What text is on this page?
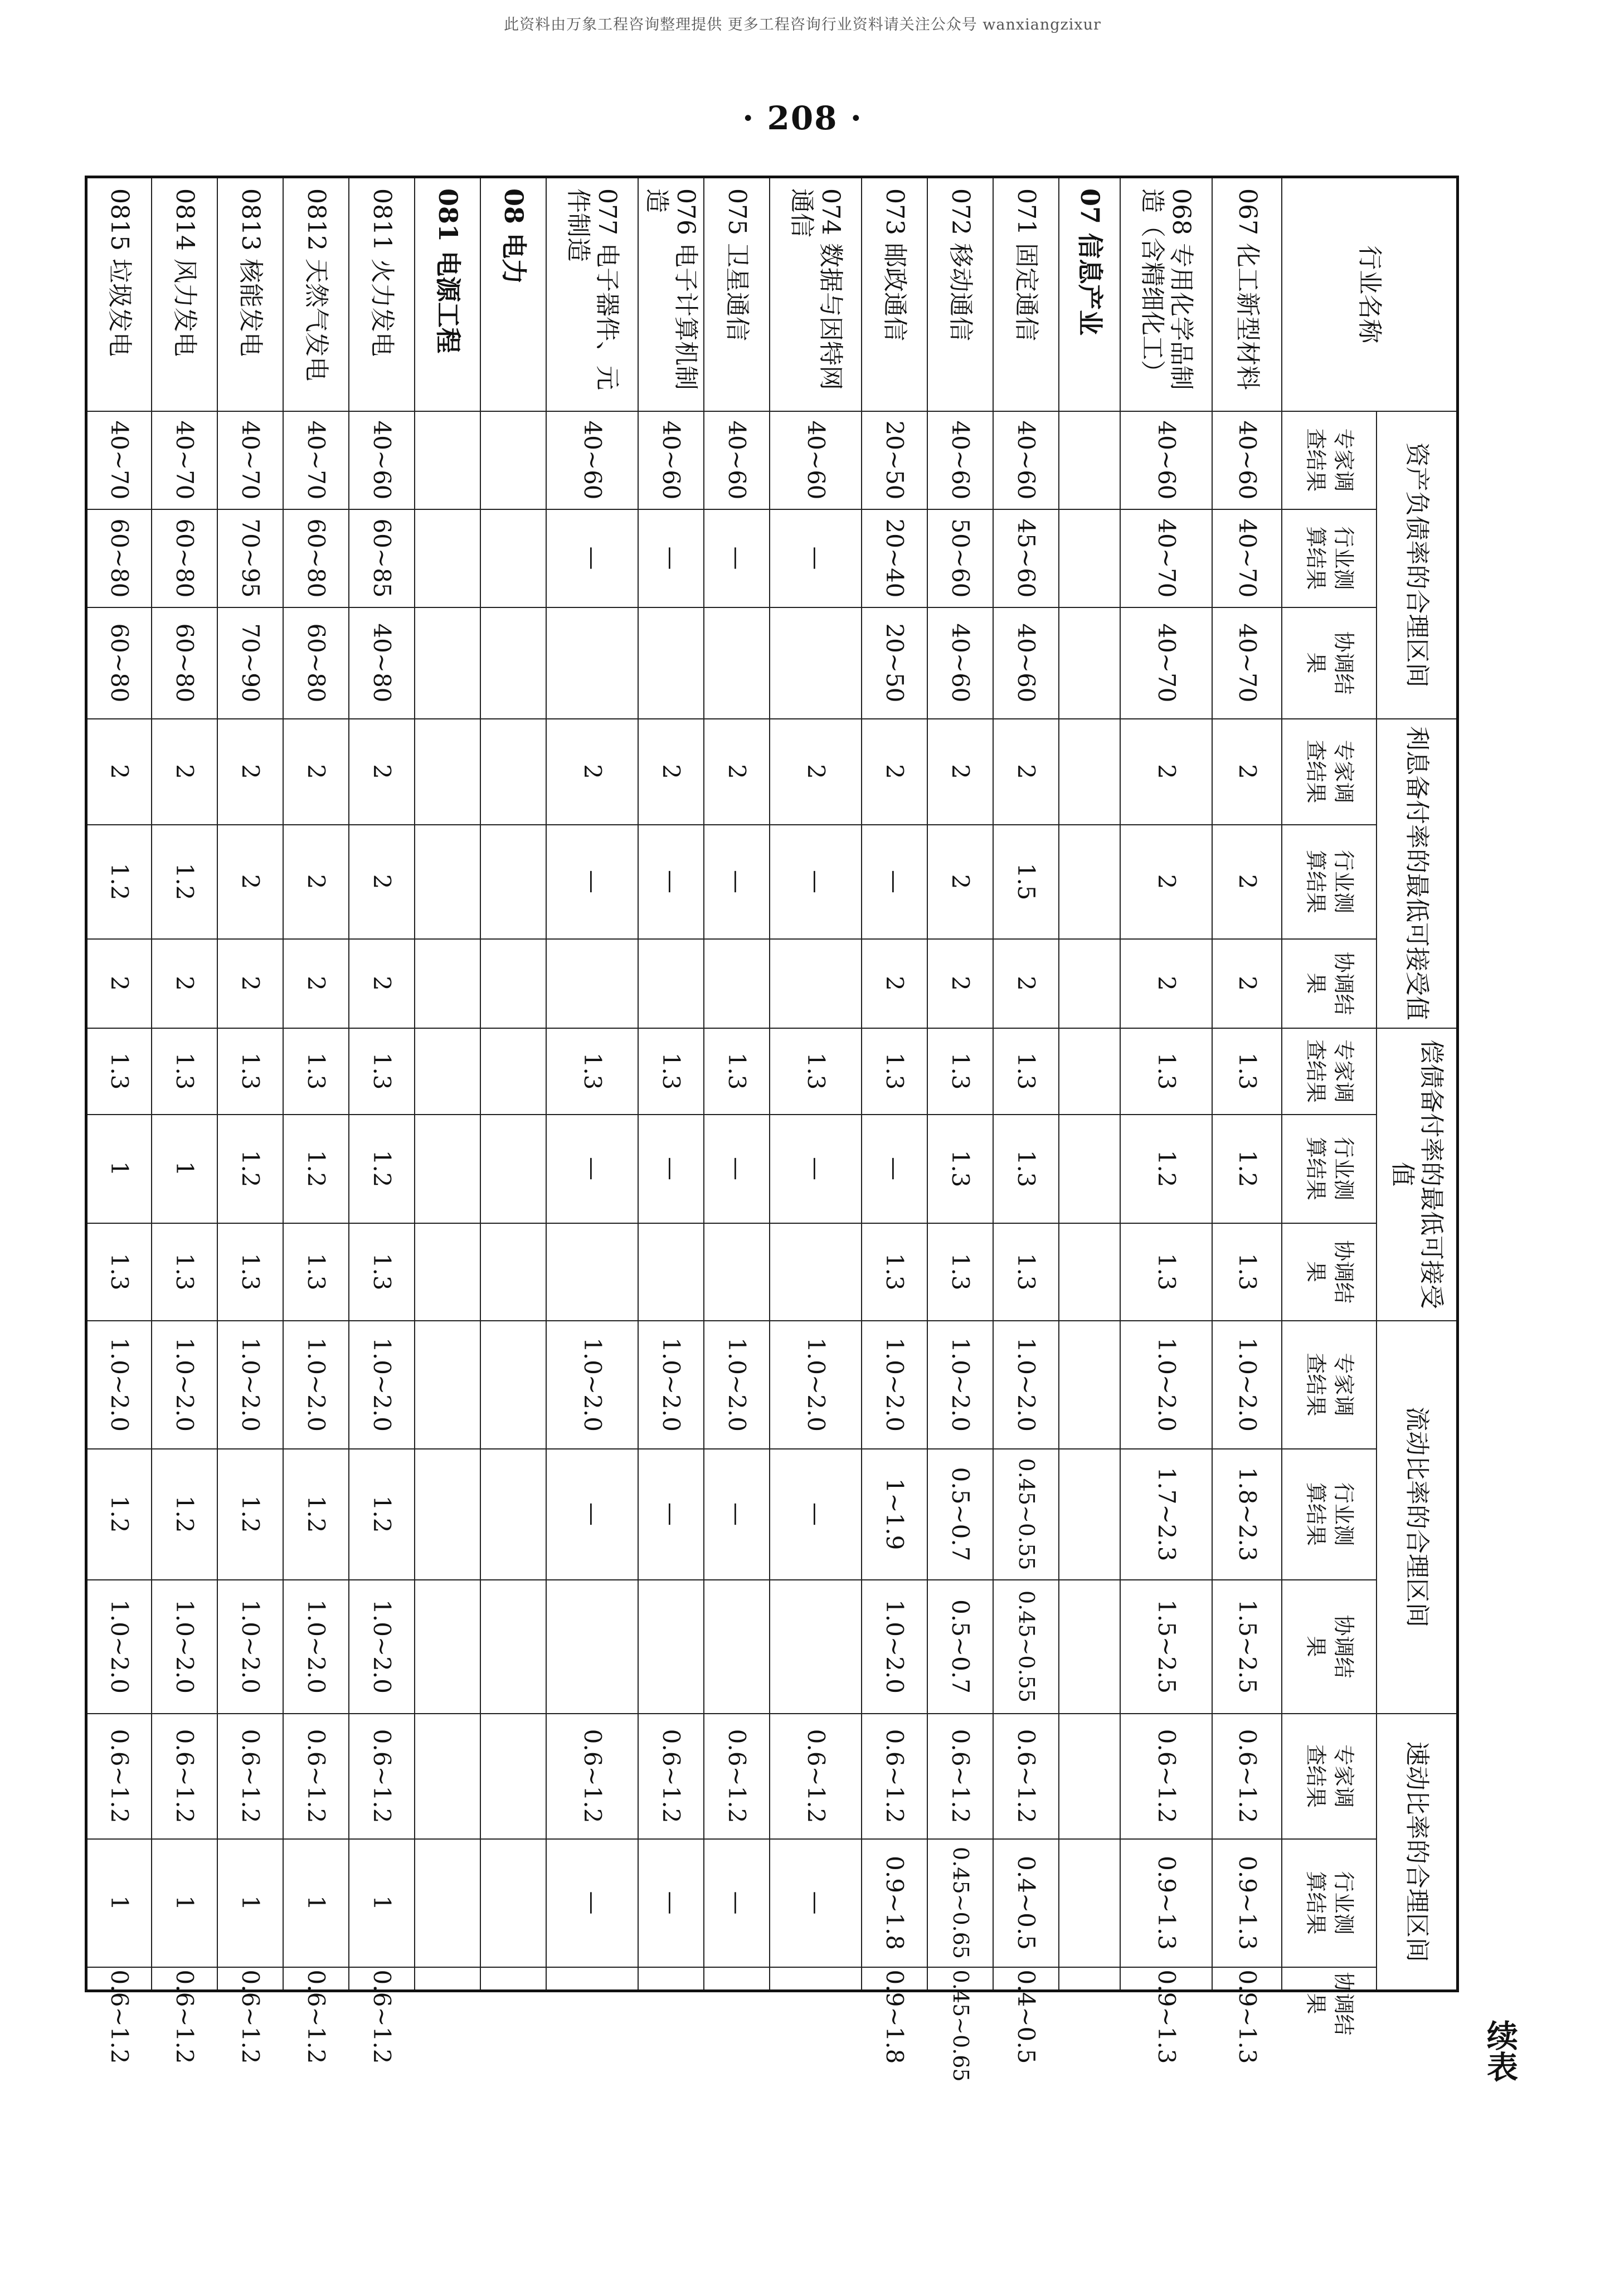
此资料由万象工程咨询整理提供 更多工程咨询行业资料请关注公众号 wanxiangzixur
· 208 ·
续表
行业名称	资产负债率的合理区间			利息备付率的最低可接受值			偿债备付率的最低可接受值			流动比率的合理区间			速动比率的合理区间		
	专家调查结果	行业测算结果	协调结果	专家调查结果	行业测算结果	协调结果	专家调查结果	行业测算结果	协调结果	专家调查结果	行业测算结果	协调结果	专家调查结果	行业测算结果	协调结果
067 化工新型材料	40~60	40~70	40~70	2	2	2	1.3	1.2	1.3	1.0~2.0	1.8~2.3	1.5~2.5	0.6~1.2	0.9~1.3	0.9~1.3
068 专用化学品制造（含精细化工）	40~60	40~70	40~70	2	2	2	1.3	1.2	1.3	1.0~2.0	1.7~2.3	1.5~2.5	0.6~1.2	0.9~1.3	0.9~1.3
07 信息产业															
071 固定通信	40~60	45~60	40~60	2	1.5	2	1.3	1.3	1.3	1.0~2.0	0.45~0.55	0.45~0.55	0.6~1.2	0.4~0.5	0.4~0.5
072 移动通信	40~60	50~60	40~60	2	2	2	1.3	1.3	1.3	1.0~2.0	0.5~0.7	0.5~0.7	0.6~1.2	0.45~0.65	0.45~0.65
073 邮政通信	20~50	20~40	20~50	2	—	2	1.3	—	1.3	1.0~2.0	1~1.9	1.0~2.0	0.6~1.2	0.9~1.8	0.9~1.8
074 数据与因特网通信	40~60	—		2	—		1.3	—		1.0~2.0	—		0.6~1.2	—	
075 卫星通信	40~60	—		2	—		1.3	—		1.0~2.0	—		0.6~1.2	—	
076 电子计算机制造	40~60	—		2	—		1.3	—		1.0~2.0	—		0.6~1.2	—	
077 电子器件、元件制造	40~60	—		2	—		1.3	—		1.0~2.0	—		0.6~1.2	—	
08 电力															
081 电源工程															
0811 火力发电	40~60	60~85	40~80	2	2	2	1.3	1.2	1.3	1.0~2.0	1.2	1.0~2.0	0.6~1.2	1	0.6~1.2
0812 天然气发电	40~70	60~80	60~80	2	2	2	1.3	1.2	1.3	1.0~2.0	1.2	1.0~2.0	0.6~1.2	1	0.6~1.2
0813 核能发电	40~70	70~95	70~90	2	2	2	1.3	1.2	1.3	1.0~2.0	1.2	1.0~2.0	0.6~1.2	1	0.6~1.2
0814 风力发电	40~70	60~80	60~80	2	1.2	2	1.3	1	1.3	1.0~2.0	1.2	1.0~2.0	0.6~1.2	1	0.6~1.2
0815 垃圾发电	40~70	60~80	60~80	2	1.2	2	1.3	1	1.3	1.0~2.0	1.2	1.0~2.0	0.6~1.2	1	0.6~1.2
